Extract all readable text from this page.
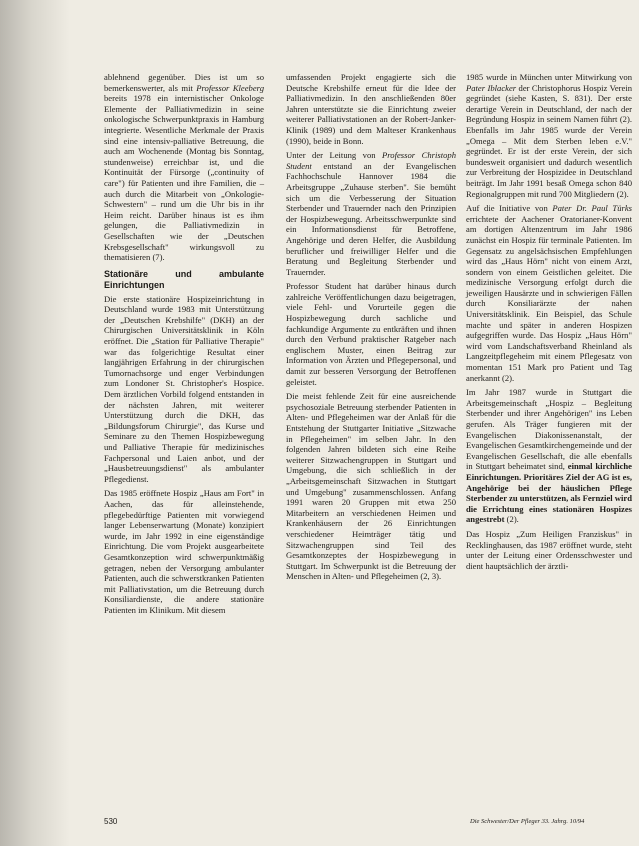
ablehnend gegenüber. Dies ist um so bemerkenswerter, als mit Professor Kleeberg bereits 1978 ein internistischer Onkologe Elemente der Palliativmedizin in seine onkologische Schwerpunktpraxis in Hamburg integrierte. Wesentliche Merkmale der Praxis sind eine intensiv-palliative Betreuung, die auch am Wochenende (Montag bis Sonntag, stundenweise) erreichbar ist, und die Kontinuität der Fürsorge („continuity of care") für Patienten und ihre Familien, die – auch durch die Mitarbeit von „Onkologie-Schwestern" – rund um die Uhr bis in ihr Heim reicht. Darüber hinaus ist es ihm gelungen, die Palliativmedizin in Gesellschaften wie der „Deutschen Krebsgesellschaft" wirkungsvoll zu thematisieren (7).

Stationäre und ambulante Einrichtungen

Die erste stationäre Hospizeinrichtung in Deutschland wurde 1983 mit Unterstützung der „Deutschen Krebshilfe" (DKH) an der Chirurgischen Universitätsklinik in Köln eröffnet. Die „Station für Palliative Therapie" war das folgerichtige Resultat einer langjährigen Erfahrung in der chirurgischen Tumornachsorge und enger Verbindungen zum Londoner St. Christopher's Hospice. Dem ärztlichen Vorbild folgend entstanden in der nächsten Jahren, mit weiterer Unterstützung durch die DKH, das „Bildungsforum Chirurgie", das Kurse und Seminare zu den Themen Hospizbewegung und Palliative Therapie für medizinisches Fachpersonal und Laien anbot, und der „Hausbetreuungsdienst" als ambulanter Pflegedienst.

Das 1985 eröffnete Hospiz „Haus am Fort" in Aachen, das für alleinstehende, pflegebedürftige Patienten mit vorwiegend langer Lebenserwartung (Monate) konzipiert wurde, im Jahr 1992 in eine eigenständige Einrichtung. Die vom Projekt ausgearbeitete Gesamtkonzeption wird schwerpunktmäßig getragen, neben der Versorgung ambulanter Patienten, auch die schwerstkranken Patienten mit Palliativstation, um die Betreuung durch Konsiliardienste, die andere stationäre Patienten im Klinikum. Mit diesem

umfassenden Projekt engagierte sich die Deutsche Krebshilfe erneut für die Idee der Palliativmedizin. In den anschließenden 80er Jahren unterstützte sie die Einrichtung zweier weiterer Palliativstationen an der Robert-Janker-Klinik (1989) und dem Malteser Krankenhaus (1990), beide in Bonn.

Unter der Leitung von Professor Christoph Student entstand an der Evangelischen Fachhochschule Hannover 1984 die Arbeitsgruppe „Zuhause sterben". Sie bemüht sich um die Verbesserung der Situation Sterbender und Trauernder nach den Prinzipien der Hospizbewegung. Arbeitsschwerpunkte sind ein Informationsdienst für Betroffene, Angehörige und deren Helfer, die Ausbildung beruflicher und freiwilliger Helfer und die Beratung und Begleitung Sterbender und Trauernder.

Professor Student hat darüber hinaus durch zahlreiche Veröffentlichungen dazu beigetragen, viele Fehl- und Vorurteile gegen die Hospizbewegung durch sachliche und fachkundige Argumente zu entkräften und ihnen durch den Verbund praktischer Ratgeber nach englischem Muster, einen Beitrag zur Information von Ärzten und Pflegepersonal, und damit zur besseren Versorgung der Betroffenen geleistet.

Die meist fehlende Zeit für eine ausreichende psychosoziale Betreuung sterbender Patienten in Alten- und Pflegeheimen war der Anlaß für die Entstehung der Stuttgarter Initiative „Sitzwache in Pflegeheimen" im selben Jahr. In den folgenden Jahren bildeten sich eine Reihe weiterer Sitzwachengruppen in Stuttgart und Umgebung, die sich schließlich in der „Arbeitsgemeinschaft Sitzwachen in Stuttgart und Umgebung" zusammenschlossen. Anfang 1991 waren 20 Gruppen mit etwa 250 Mitarbeitern an verschiedenen Heimen und Krankenhäusern der 26 Einrichtungen verschiedener Heimträger tätig und Sitzwachengruppen sind Teil des Gesamtkonzeptes der Hospizbewegung in Stuttgart. Im Schwerpunkt ist die Betreuung der Menschen in Alten- und Pflegeheimen (2, 3).

1985 wurde in München unter Mitwirkung von Pater Iblacker der Christophorus Hospiz Verein gegründet (siehe Kasten, S. 831). Der erste derartige Verein in Deutschland, der nach der Begründung Hospiz in seinem Namen führt (2). Ebenfalls im Jahr 1985 wurde der Verein „Omega – Mit dem Sterben leben e.V." gegründet. Er ist der erste Verein, der sich bundesweit organisiert und dadurch wesentlich zur Verbreitung der Hospizidee in Deutschland beiträgt. Im Jahr 1991 besaß Omega schon 840 Regionalgruppen mit rund 700 Mitgliedern (2).

Auf die Initiative von Pater Dr. Paul Türks errichtete der Aachener Oratorianer-Konvent am dortigen Altenzentrum im Jahr 1986 zunächst ein Hospiz für terminale Patienten. Im Gegensatz zu angelsächsischen Empfehlungen wird das „Haus Hörn" nicht von einem Arzt, sondern von einem Geistlichen geleitet. Die medizinische Versorgung erfolgt durch die jeweiligen Hausärzte und in schwierigen Fällen durch Konsiliarärzte der nahen Universitätsklinik. Ein Beispiel, das Schule machte und später in anderen Hospizen aufgegriffen wurde. Das Hospiz „Haus Hörn" wird vom Landschaftsverband Rheinland als Langzeitpflegeheim mit einem Pflegesatz von momentan 151 Mark pro Patient und Tag anerkannt (2).

Im Jahr 1987 wurde in Stuttgart die Arbeitsgemeinschaft „Hospiz – Begleitung Sterbender und ihrer Angehörigen" ins Leben gerufen. Als Träger fungieren mit der Evangelischen Diakonissenanstalt, der Evangelischen Gesamtkirchengemeinde und der Evangelischen Gesellschaft, die alle ebenfalls in Stuttgart beheimatet sind, einmal kirchliche Einrichtungen. Prioritäres Ziel der AG ist es, Angehörige bei der häuslichen Pflege Sterbender zu unterstützen, als Fernziel wird die Errichtung eines stationären Hospizes angestrebt (2).

Das Hospiz „Zum Heiligen Franziskus" in Recklinghausen, das 1987 eröffnet wurde, steht unter der Leitung einer Ordensschwester und dient hauptsächlich der ärztli-

530	Die Schwester/Der Pfleger 33. Jahrg. 10/94
